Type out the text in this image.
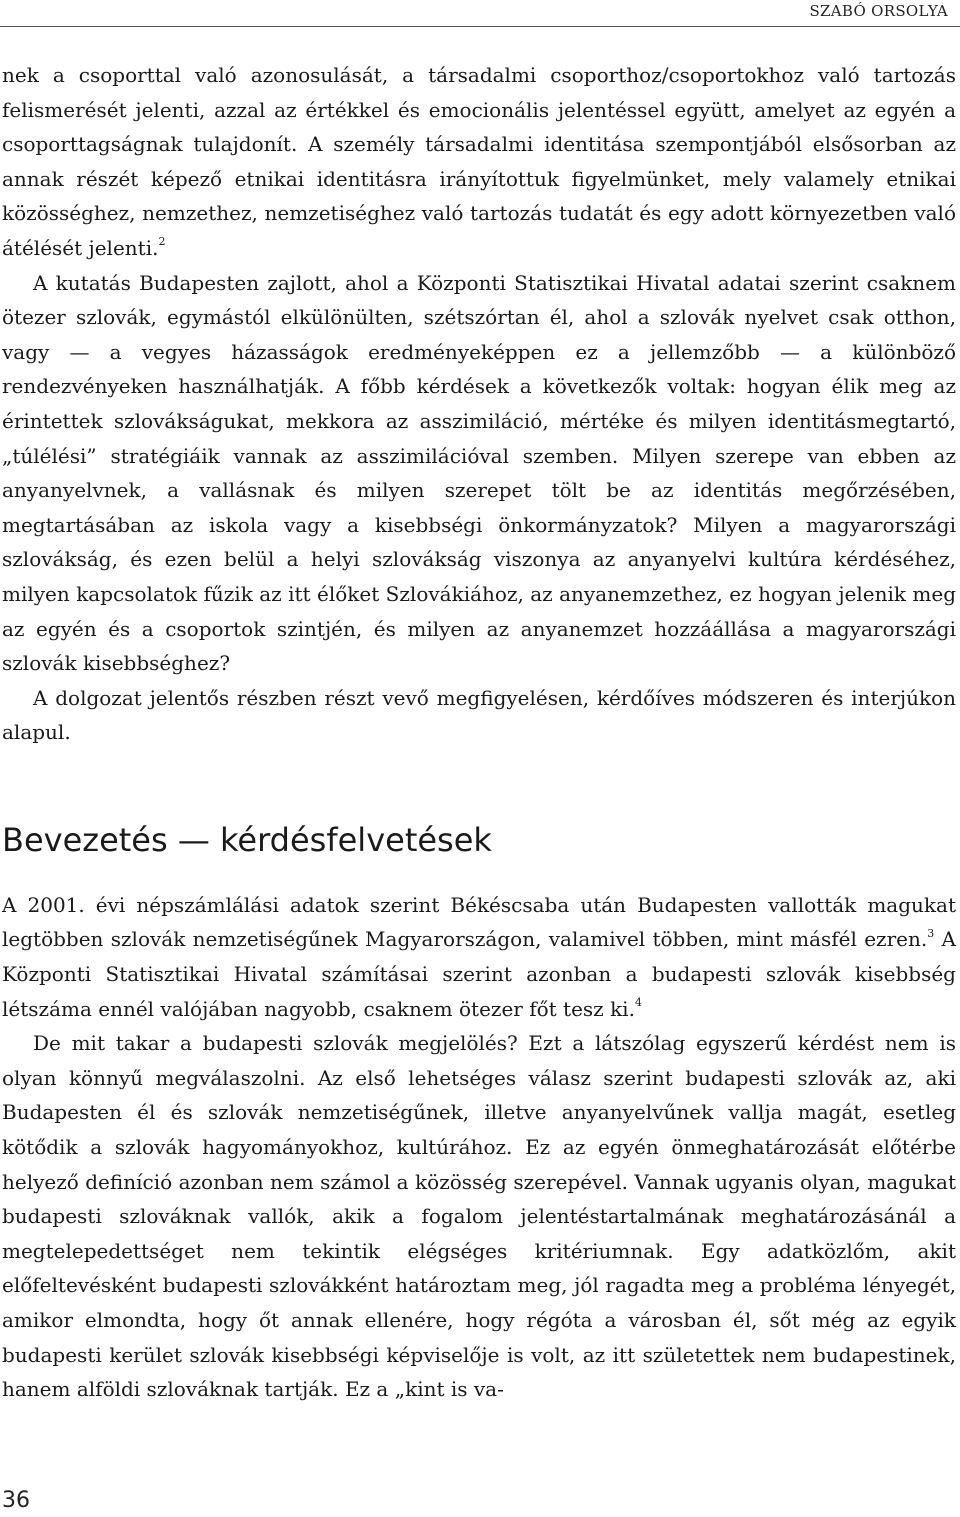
SZABÓ ORSOLYA

nek a csoporttal való azonosulását, a társadalmi csoporthoz/csoportokhoz való tartozás felismerését jelenti, azzal az értékkel és emocionális jelentéssel együtt, amelyet az egyén a csoporttagságnak tulajdonít. A személy társadalmi identitása szempontjából elsősorban az annak részét képező etnikai identitásra irányítottuk figyelmünket, mely valamely etnikai közösséghez, nemzethez, nemzetiséghez való tartozás tudatát és egy adott környezetben való átélését jelenti.$^2$

A kutatás Budapesten zajlott, ahol a Központi Statisztikai Hivatal adatai szerint csaknem ötezer szlovák, egymástól elkülönülten, szétszórtan él, ahol a szlovák nyelvet csak otthon, vagy — a vegyes házasságok eredményeképpen ez a jellemzőbb — a különböző rendezvényeken használhatják. A főbb kérdések a következők voltak: hogyan élik meg az érintettek szlovákságukat, mekkora az asszimiláció, mértéke és milyen identitásmegtartó, „túlélési” stratégiáik vannak az asszimilációval szemben. Milyen szerepe van ebben az anyanyelvnek, a vallásnak és milyen szerepet tölt be az identitás megőrzésében, megtartásában az iskola vagy a kisebbségi önkormányzatok? Milyen a magyarországi szlovákság, és ezen belül a helyi szlovákság viszonya az anyanyelvi kultúra kérdéséhez, milyen kapcsolatok fűzik az itt élőket Szlovákiához, az anyanemzethez, ez hogyan jelenik meg az egyén és a csoportok szintjén, és milyen az anyanemzet hozzáállása a magyarországi szlovák kisebbséghez?

A dolgozat jelentős részben részt vevő megfigyelésen, kérdőíves módszeren és interjúkon alapul.

Bevezetés — kérdésfelvetések

A 2001. évi népszámlálási adatok szerint Békéscsaba után Budapesten vallották magukat legtöbben szlovák nemzetiségűnek Magyarországon, valamivel többen, mint másfél ezren.$^3$ A Központi Statisztikai Hivatal számításai szerint azonban a budapesti szlovák kisebbség létszáma ennél valójában nagyobb, csaknem ötezer főt tesz ki.$^4$

De mit takar a budapesti szlovák megjelölés? Ezt a látszólag egyszerű kérdést nem is olyan könnyű megválaszolni. Az első lehetséges válasz szerint budapesti szlovák az, aki Budapesten él és szlovák nemzetiségűnek, illetve anyanyelvűnek vallja magát, esetleg kötődik a szlovák hagyományokhoz, kultúrához. Ez az egyén önmeghatározását előtérbe helyező definíció azonban nem számol a közösség szerepével. Vannak ugyanis olyan, magukat budapesti szlováknak vallók, akik a fogalom jelentéstartalmának meghatározásánál a megtelepedettséget nem tekintik elégséges kritériumnak. Egy adatközlőm, akit előfeltevésként budapesti szlovákként határoztam meg, jól ragadta meg a probléma lényegét, amikor elmondta, hogy őt annak ellenére, hogy régóta a városban él, sőt még az egyik budapesti kerület szlovák kisebbségi képviselője is volt, az itt születettek nem budapestinek, hanem alföldi szlováknak tartják. Ez a „kint is va-

36
